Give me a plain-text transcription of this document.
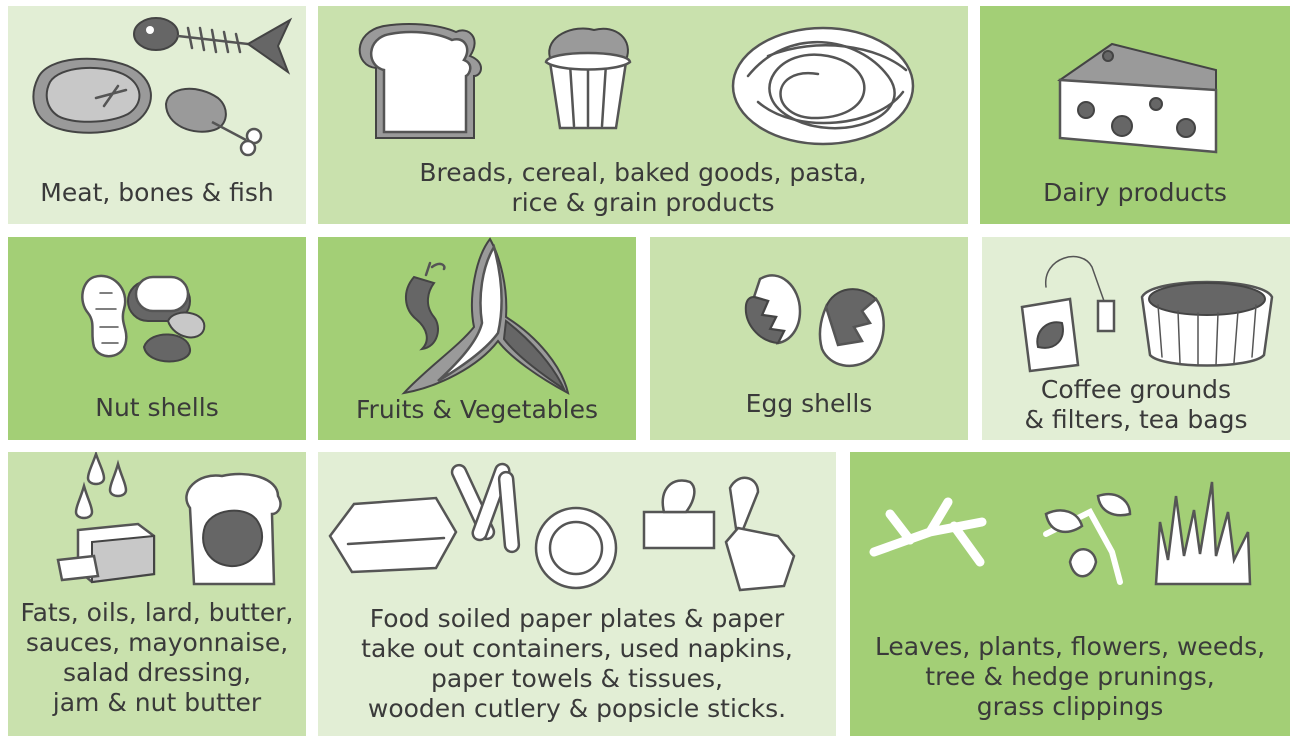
Meat, bones & fish
Breads, cereal, baked goods, pasta,
rice & grain products	Dairy products
Nut shells	Fruits & Vegetables	Egg shells	Coffee grounds
& filters, tea bags
Fats, oils, lard, butter,
sauces, mayonnaise,
salad dressing,
jam & nut butter
Food soiled paper plates & paper
take out containers, used napkins,
paper towels & tissues,
wooden cutlery & popsicle sticks.
Leaves, plants, flowers, weeds,
tree & hedge prunings,
grass clippings
